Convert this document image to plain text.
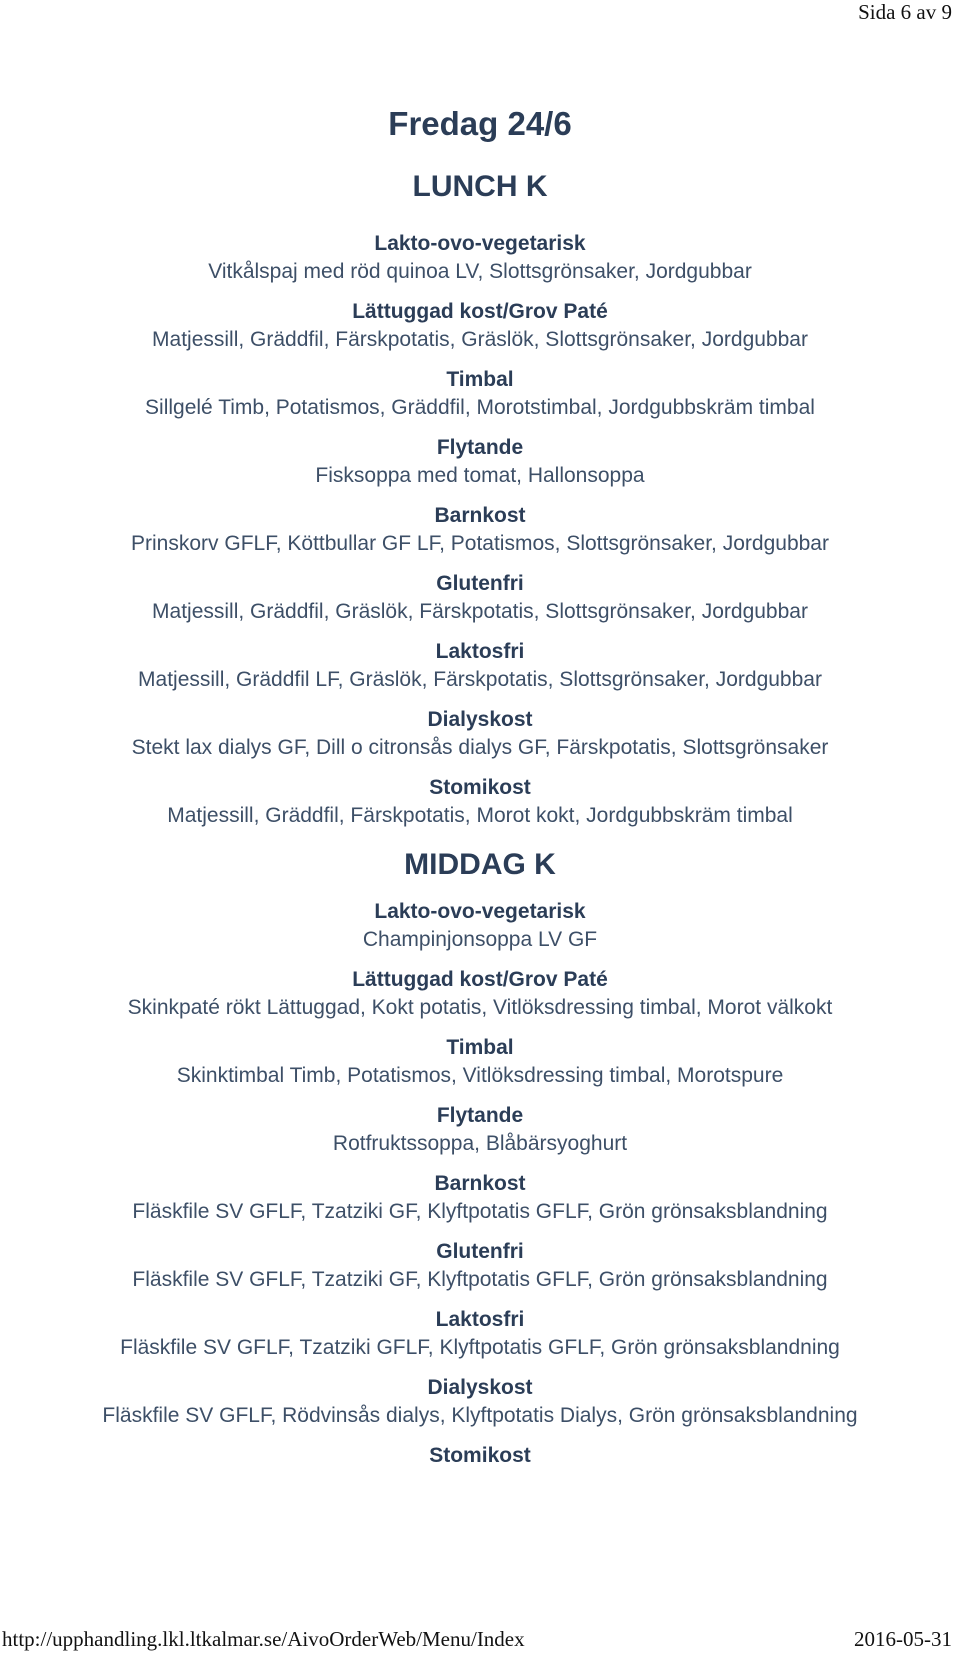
Sida 6 av 9
Fredag 24/6
LUNCH K
Lakto-ovo-vegetarisk
Vitkålspaj med röd quinoa LV, Slottsgrönsaker, Jordgubbar
Lättuggad kost/Grov Paté
Matjessill, Gräddfil, Färskpotatis, Gräslök, Slottsgrönsaker, Jordgubbar
Timbal
Sillgelé Timb, Potatismos, Gräddfil, Morotstimbal, Jordgubbskräm timbal
Flytande
Fisksoppa med tomat, Hallonsoppa
Barnkost
Prinskorv GFLF, Köttbullar GF LF, Potatismos, Slottsgrönsaker, Jordgubbar
Glutenfri
Matjessill, Gräddfil, Gräslök, Färskpotatis, Slottsgrönsaker, Jordgubbar
Laktosfri
Matjessill, Gräddfil LF, Gräslök, Färskpotatis, Slottsgrönsaker, Jordgubbar
Dialyskost
Stekt lax dialys GF, Dill o citronsås dialys GF, Färskpotatis, Slottsgrönsaker
Stomikost
Matjessill, Gräddfil, Färskpotatis, Morot kokt, Jordgubbskräm timbal
MIDDAG K
Lakto-ovo-vegetarisk
Champinjonsoppa LV GF
Lättuggad kost/Grov Paté
Skinkpaté rökt Lättuggad, Kokt potatis, Vitlöksdressing timbal, Morot välkokt
Timbal
Skinktimbal Timb, Potatismos, Vitlöksdressing timbal, Morotspure
Flytande
Rotfruktssoppa, Blåbärsyoghurt
Barnkost
Fläskfile SV GFLF, Tzatziki GF, Klyftpotatis GFLF, Grön grönsaksblandning
Glutenfri
Fläskfile SV GFLF, Tzatziki GF, Klyftpotatis GFLF, Grön grönsaksblandning
Laktosfri
Fläskfile SV GFLF, Tzatziki GFLF, Klyftpotatis GFLF, Grön grönsaksblandning
Dialyskost
Fläskfile SV GFLF, Rödvinsås dialys, Klyftpotatis Dialys, Grön grönsaksblandning
Stomikost
http://upphandling.lkl.ltkalmar.se/AivoOrderWeb/Menu/Index	2016-05-31
